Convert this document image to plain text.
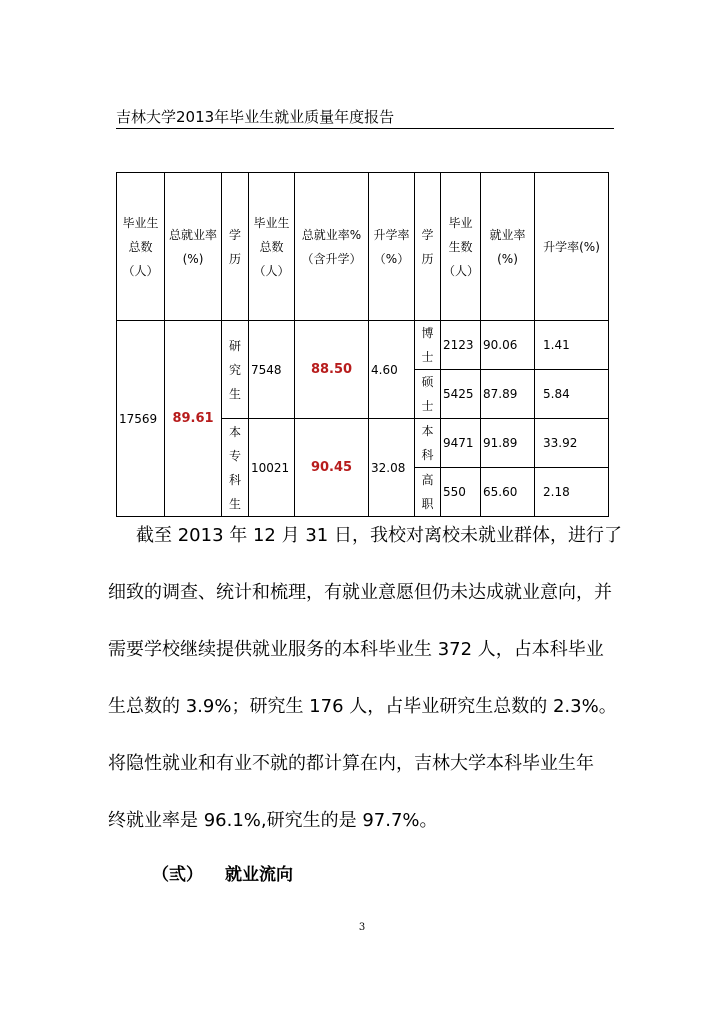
吉林大学2013年毕业生就业质量年度报告
毕业生总数（人）	总就业率(%)	学历	毕业生总数（人）	总就业率%（含升学）	升学率（%）	学历	毕业生数（人）	就业率(%)	升学率(%)
17569	89.61	研究生	7548	88.50	4.60	博士	2123	90.06	1.41
						硕士	5425	87.89	5.84
		本专科生	10021	90.45	32.08	本科	9471	91.89	33.92
						高职	550	65.60	2.18
截至 2013 年 12 月 31 日，我校对离校未就业群体，进行了
细致的调查、统计和梳理，有就业意愿但仍未达成就业意向，并
需要学校继续提供就业服务的本科毕业生 372 人，占本科毕业
生总数的 3.9%；研究生 176 人，占毕业研究生总数的 2.3%。
将隐性就业和有业不就的都计算在内，吉林大学本科毕业生年
终就业率是 96.1%,研究生的是 97.7%。
（弎） 就业流向
3
